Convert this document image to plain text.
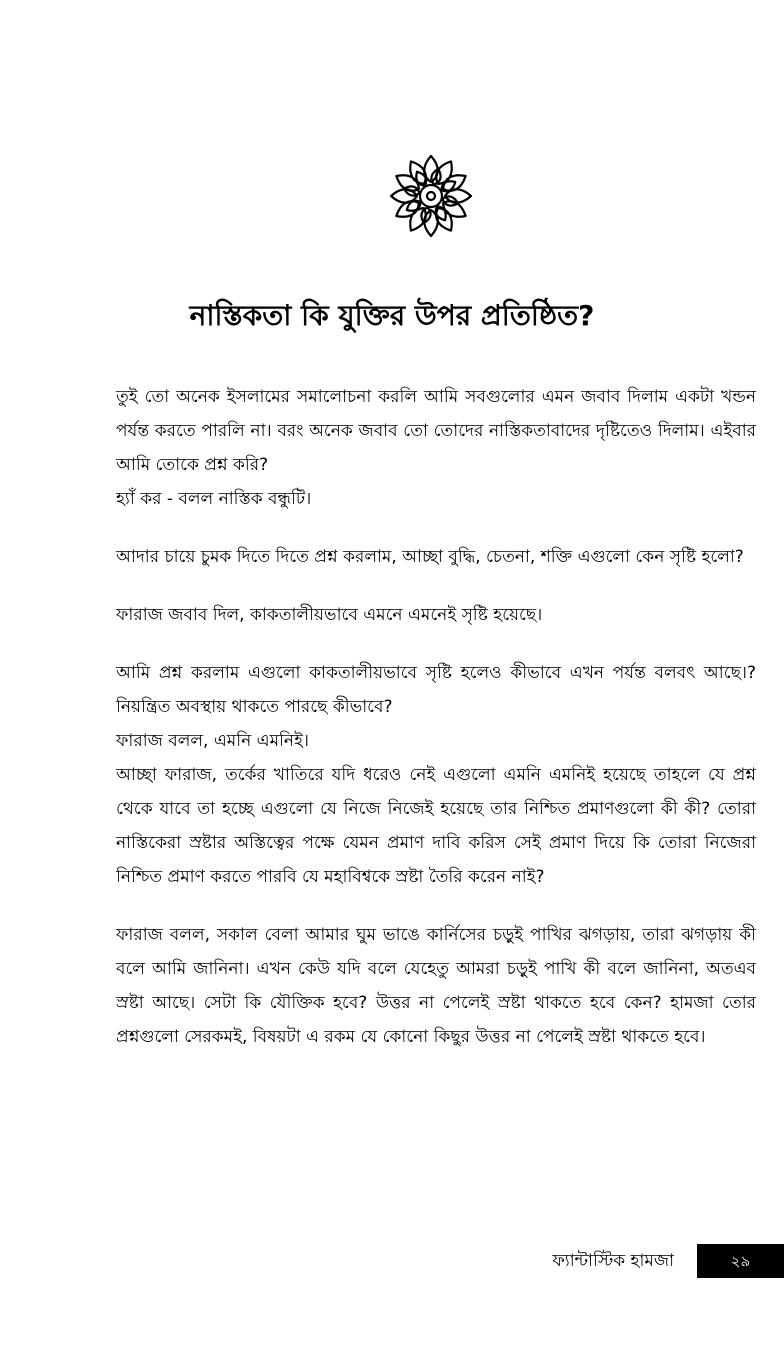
নাস্তিকতা কি যুক্তির উপর প্রতিষ্ঠিত?

তুই তো অনেক ইসলামের সমালোচনা করলি আমি সবগুলোর এমন জবাব দিলাম একটা খন্ডন পর্যন্ত করতে পারলি না। বরং অনেক জবাব তো তোদের নাস্তিকতাবাদের দৃষ্টিতেও দিলাম। এইবার আমি তোকে প্রশ্ন করি?

হ্যাঁ কর - বলল নাস্তিক বন্ধুটি।

আদার চায়ে চুমক দিতে দিতে প্রশ্ন করলাম, আচ্ছা বুদ্ধি, চেতনা, শক্তি এগুলো কেন সৃষ্টি হলো?

ফারাজ জবাব দিল, কাকতালীয়ভাবে এমনে এমনেই সৃষ্টি হয়েছে।

আমি প্রশ্ন করলাম এগুলো কাকতালীয়ভাবে সৃষ্টি হলেও কীভাবে এখন পর্যন্ত বলবৎ আছে।? নিয়ন্ত্রিত অবস্থায় থাকতে পারছে কীভাবে?

ফারাজ বলল, এমনি এমনিই।

আচ্ছা ফারাজ, তর্কের খাতিরে যদি ধরেও নেই এগুলো এমনি এমনিই হয়েছে তাহলে যে প্রশ্ন থেকে যাবে তা হচ্ছে এগুলো যে নিজে নিজেই হয়েছে তার নিশ্চিত প্রমাণগুলো কী কী? তোরা নাস্তিকেরা স্রষ্টার অস্তিত্বের পক্ষে যেমন প্রমাণ দাবি করিস সেই প্রমাণ দিয়ে কি তোরা নিজেরা নিশ্চিত প্রমাণ করতে পারবি যে মহাবিশ্বকে স্রষ্টা তৈরি করেন নাই?

ফারাজ বলল, সকাল বেলা আমার ঘুম ভাঙে কার্নিসের চড়ুই পাখির ঝগড়ায়, তারা ঝগড়ায় কী বলে আমি জানিনা। এখন কেউ যদি বলে যেহেতু আমরা চড়ুই পাখি কী বলে জানিনা, অতএব স্রষ্টা আছে। সেটা কি যৌক্তিক হবে? উত্তর না পেলেই স্রষ্টা থাকতে হবে কেন? হামজা তোর প্রশ্নগুলো সেরকমই, বিষয়টা এ রকম যে কোনো কিছুর উত্তর না পেলেই স্রষ্টা থাকতে হবে।

ফ্যান্টাস্টিক হামজা	২৯
